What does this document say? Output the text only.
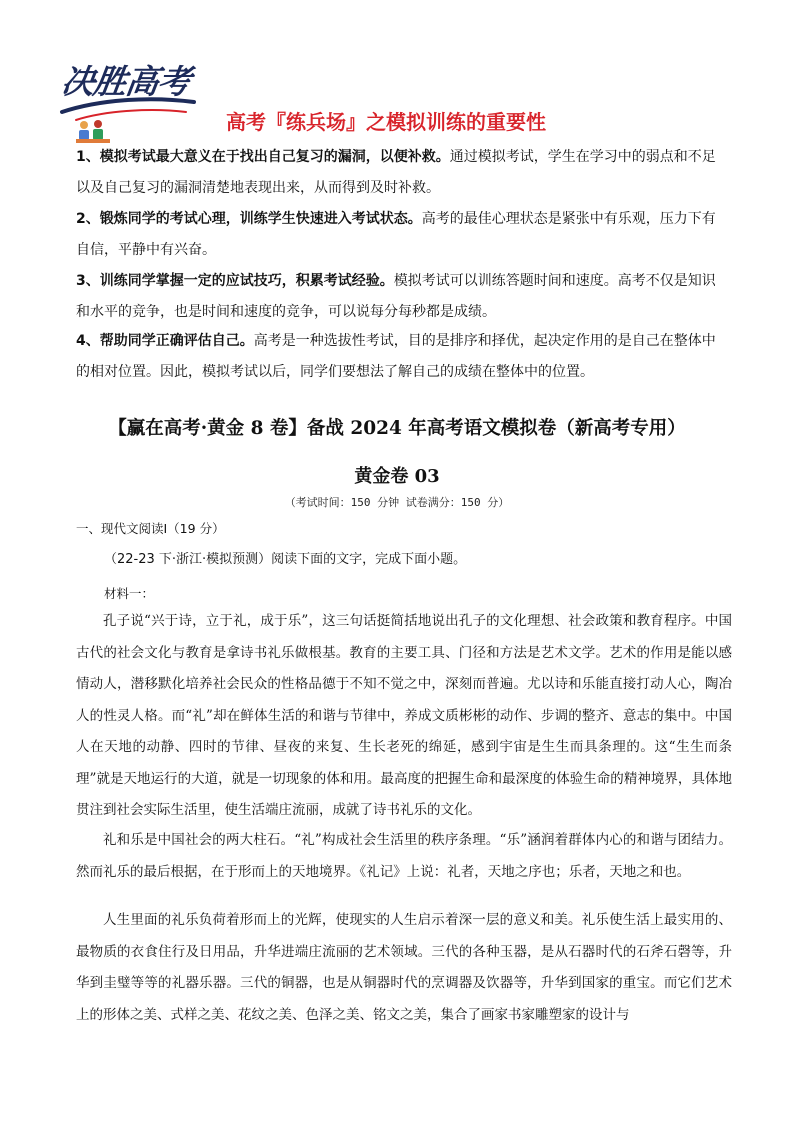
决胜高考
高考『练兵场』之模拟训练的重要性
1、模拟考试最大意义在于找出自己复习的漏洞，以便补救。通过模拟考试，学生在学习中的弱点和不足以及自己复习的漏洞清楚地表现出来，从而得到及时补救。
2、锻炼同学的考试心理，训练学生快速进入考试状态。高考的最佳心理状态是紧张中有乐观，压力下有自信，平静中有兴奋。
3、训练同学掌握一定的应试技巧，积累考试经验。模拟考试可以训练答题时间和速度。高考不仅是知识和水平的竞争，也是时间和速度的竞争，可以说每分每秒都是成绩。
4、帮助同学正确评估自己。高考是一种选拔性考试，目的是排序和择优，起决定作用的是自己在整体中的相对位置。因此，模拟考试以后，同学们要想法了解自己的成绩在整体中的位置。
【赢在高考·黄金 8 卷】备战 2024 年高考语文模拟卷（新高考专用）
黄金卷 03
（考试时间：150 分钟 试卷满分：150 分）
一、现代文阅读Ⅰ（19 分）
（22-23 下·浙江·模拟预测）阅读下面的文字，完成下面小题。
材料一：

孔子说“兴于诗，立于礼，成于乐”，这三句话挺简括地说出孔子的文化理想、社会政策和教育程序。中国古代的社会文化与教育是拿诗书礼乐做根基。教育的主要工具、门径和方法是艺术文学。艺术的作用是能以感情动人，潜移默化培养社会民众的性格品德于不知不觉之中，深刻而普遍。尤以诗和乐能直接打动人心，陶冶人的性灵人格。而“礼”却在鲜体生活的和谐与节律中，养成文质彬彬的动作、步调的整齐、意志的集中。中国人在天地的动静、四时的节律、昼夜的来复、生长老死的绵延，感到宇宙是生生而具条理的。这“生生而条理”就是天地运行的大道，就是一切现象的体和用。最高度的把握生命和最深度的体验生命的精神境界，具体地贯注到社会实际生活里，使生活端庄流丽，成就了诗书礼乐的文化。

礼和乐是中国社会的两大柱石。“礼”构成社会生活里的秩序条理。“乐”涵润着群体内心的和谐与团结力。然而礼乐的最后根据，在于形而上的天地境界。《礼记》上说：礼者，天地之序也；乐者，天地之和也。

人生里面的礼乐负荷着形而上的光辉，使现实的人生启示着深一层的意义和美。礼乐使生活上最实用的、最物质的衣食住行及日用品，升华进端庄流丽的艺术领域。三代的各种玉器，是从石器时代的石斧石磬等，升华到圭璧等等的礼器乐器。三代的铜器，也是从铜器时代的烹调器及饮器等，升华到国家的重宝。而它们艺术上的形体之美、式样之美、花纹之美、色泽之美、铭文之美，集合了画家书家雕塑家的设计与
